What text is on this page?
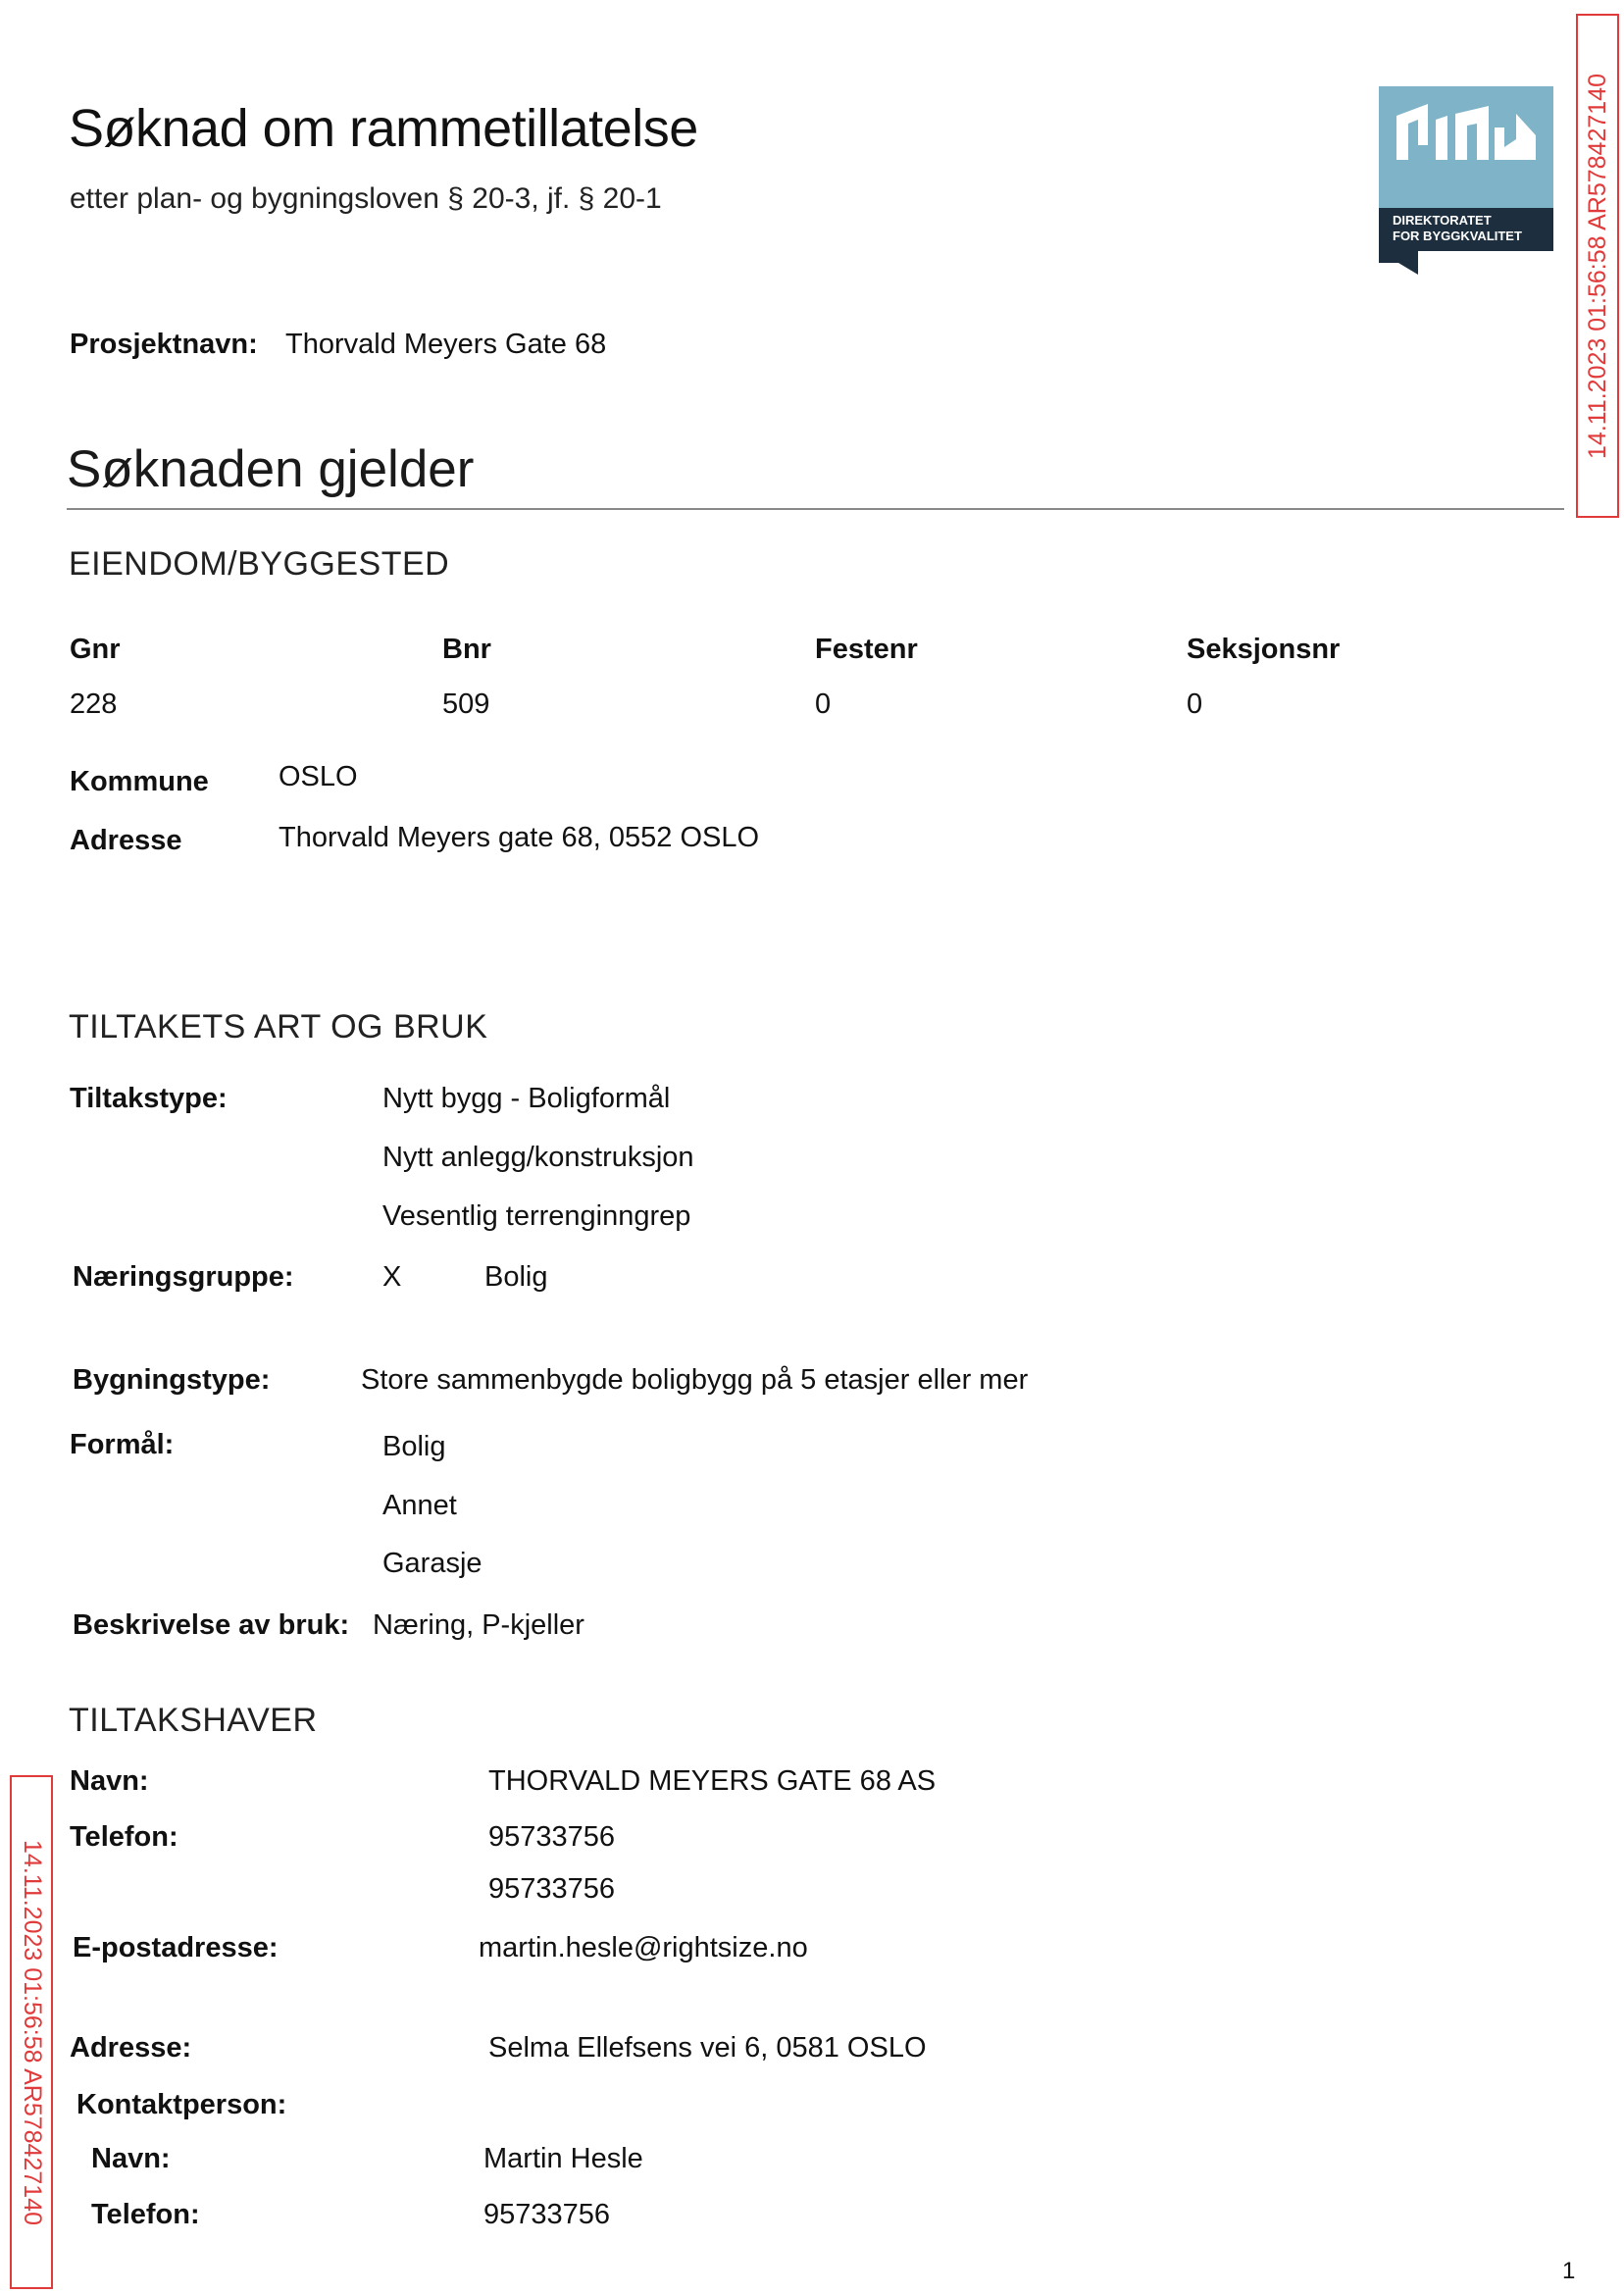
Søknad om rammetillatelse
etter plan- og bygningsloven § 20-3, jf. § 20-1
DIREKTORATET
FOR BYGGKVALITET	14.11.2023 01:56:58 AR578427140
14.11.2023 01:56:58 AR578427140
Prosjektnavn: Thorvald Meyers Gate 68
Søknaden gjelder
EIENDOM/BYGGESTED
Gnr	Bnr	Festenr	Seksjonsnr
228	509	0	0
Kommune OSLO
Adresse	Thorvald Meyers gate 68, 0552 OSLO
TILTAKETS ART OG BRUK
Tiltakstype:	Nytt bygg - Boligformål
Nytt anlegg/konstruksjon
Vesentlig terrenginngrep
Næringsgruppe:	X	Bolig
Bygningstype:	Store sammenbygde boligbygg på 5 etasjer eller mer
Formål:	Bolig
Annet
Garasje
Beskrivelse av bruk: Næring, P-kjeller
TILTAKSHAVER
Navn:	THORVALD MEYERS GATE 68 AS
Telefon:	95733756
95733756
E-postadresse:	martin.hesle@rightsize.no
Adresse:	Selma Ellefsens vei 6, 0581 OSLO
Kontaktperson:
Navn:	Martin Hesle
Telefon:	95733756
1
